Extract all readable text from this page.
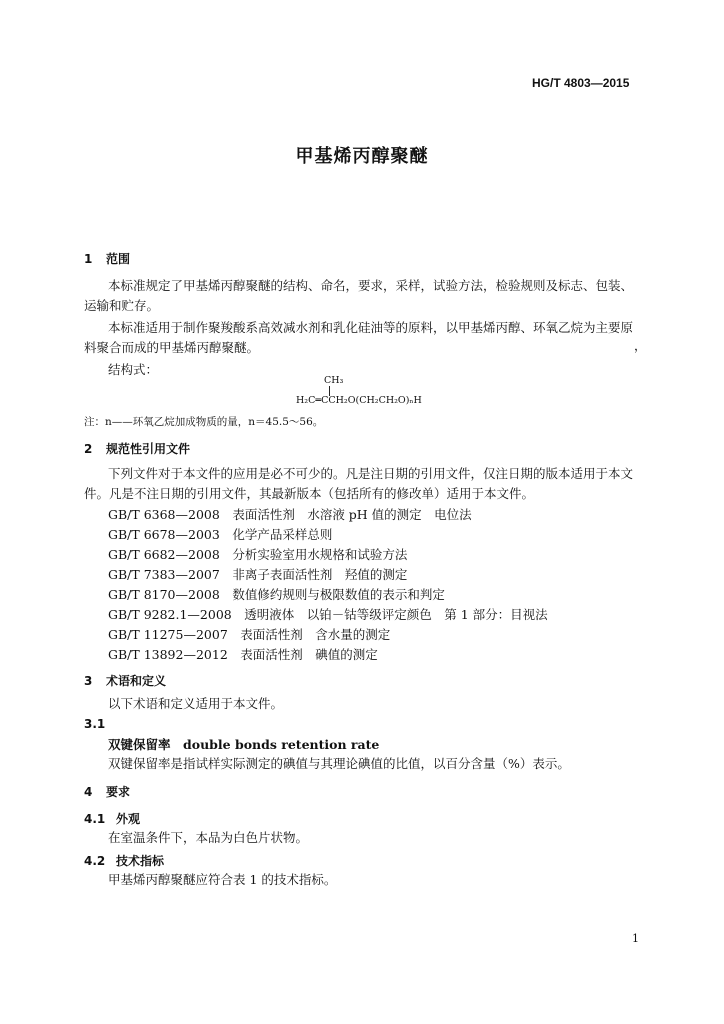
HG/T 4803—2015
甲基烯丙醇聚醚
1 范围
本标准规定了甲基烯丙醇聚醚的结构、命名，要求，采样，试验方法，检验规则及标志、包装、
运输和贮存。
本标准适用于制作聚羧酸系高效减水剂和乳化硅油等的原料，以甲基烯丙醇、环氧乙烷为主要原
料聚合而成的甲基烯丙醇聚醚。	，
结构式：
CH₃
H₂C═CCH₂O(CH₂CH₂O)ₙH
注：n——环氧乙烷加成物质的量，n＝45.5～56。
2 规范性引用文件
下列文件对于本文件的应用是必不可少的。凡是注日期的引用文件，仅注日期的版本适用于本文
件。凡是不注日期的引用文件，其最新版本（包括所有的修改单）适用于本文件。
GB/T 6368—2008　表面活性剂　水溶液 pH 值的测定　电位法
GB/T 6678—2003　化学产品采样总则
GB/T 6682—2008　分析实验室用水规格和试验方法
GB/T 7383—2007　非离子表面活性剂　羟值的测定
GB/T 8170—2008　数值修约规则与极限数值的表示和判定
GB/T 9282.1—2008　透明液体　以铂－钴等级评定颜色　第 1 部分：目视法
GB/T 11275—2007　表面活性剂　含水量的测定
GB/T 13892—2012　表面活性剂　碘值的测定
3 术语和定义
以下术语和定义适用于本文件。
3.1
双键保留率　double bonds retention rate
双键保留率是指试样实际测定的碘值与其理论碘值的比值，以百分含量（%）表示。
4 要求
4.1 外观
在室温条件下，本品为白色片状物。
4.2 技术指标
甲基烯丙醇聚醚应符合表 1 的技术指标。
1
